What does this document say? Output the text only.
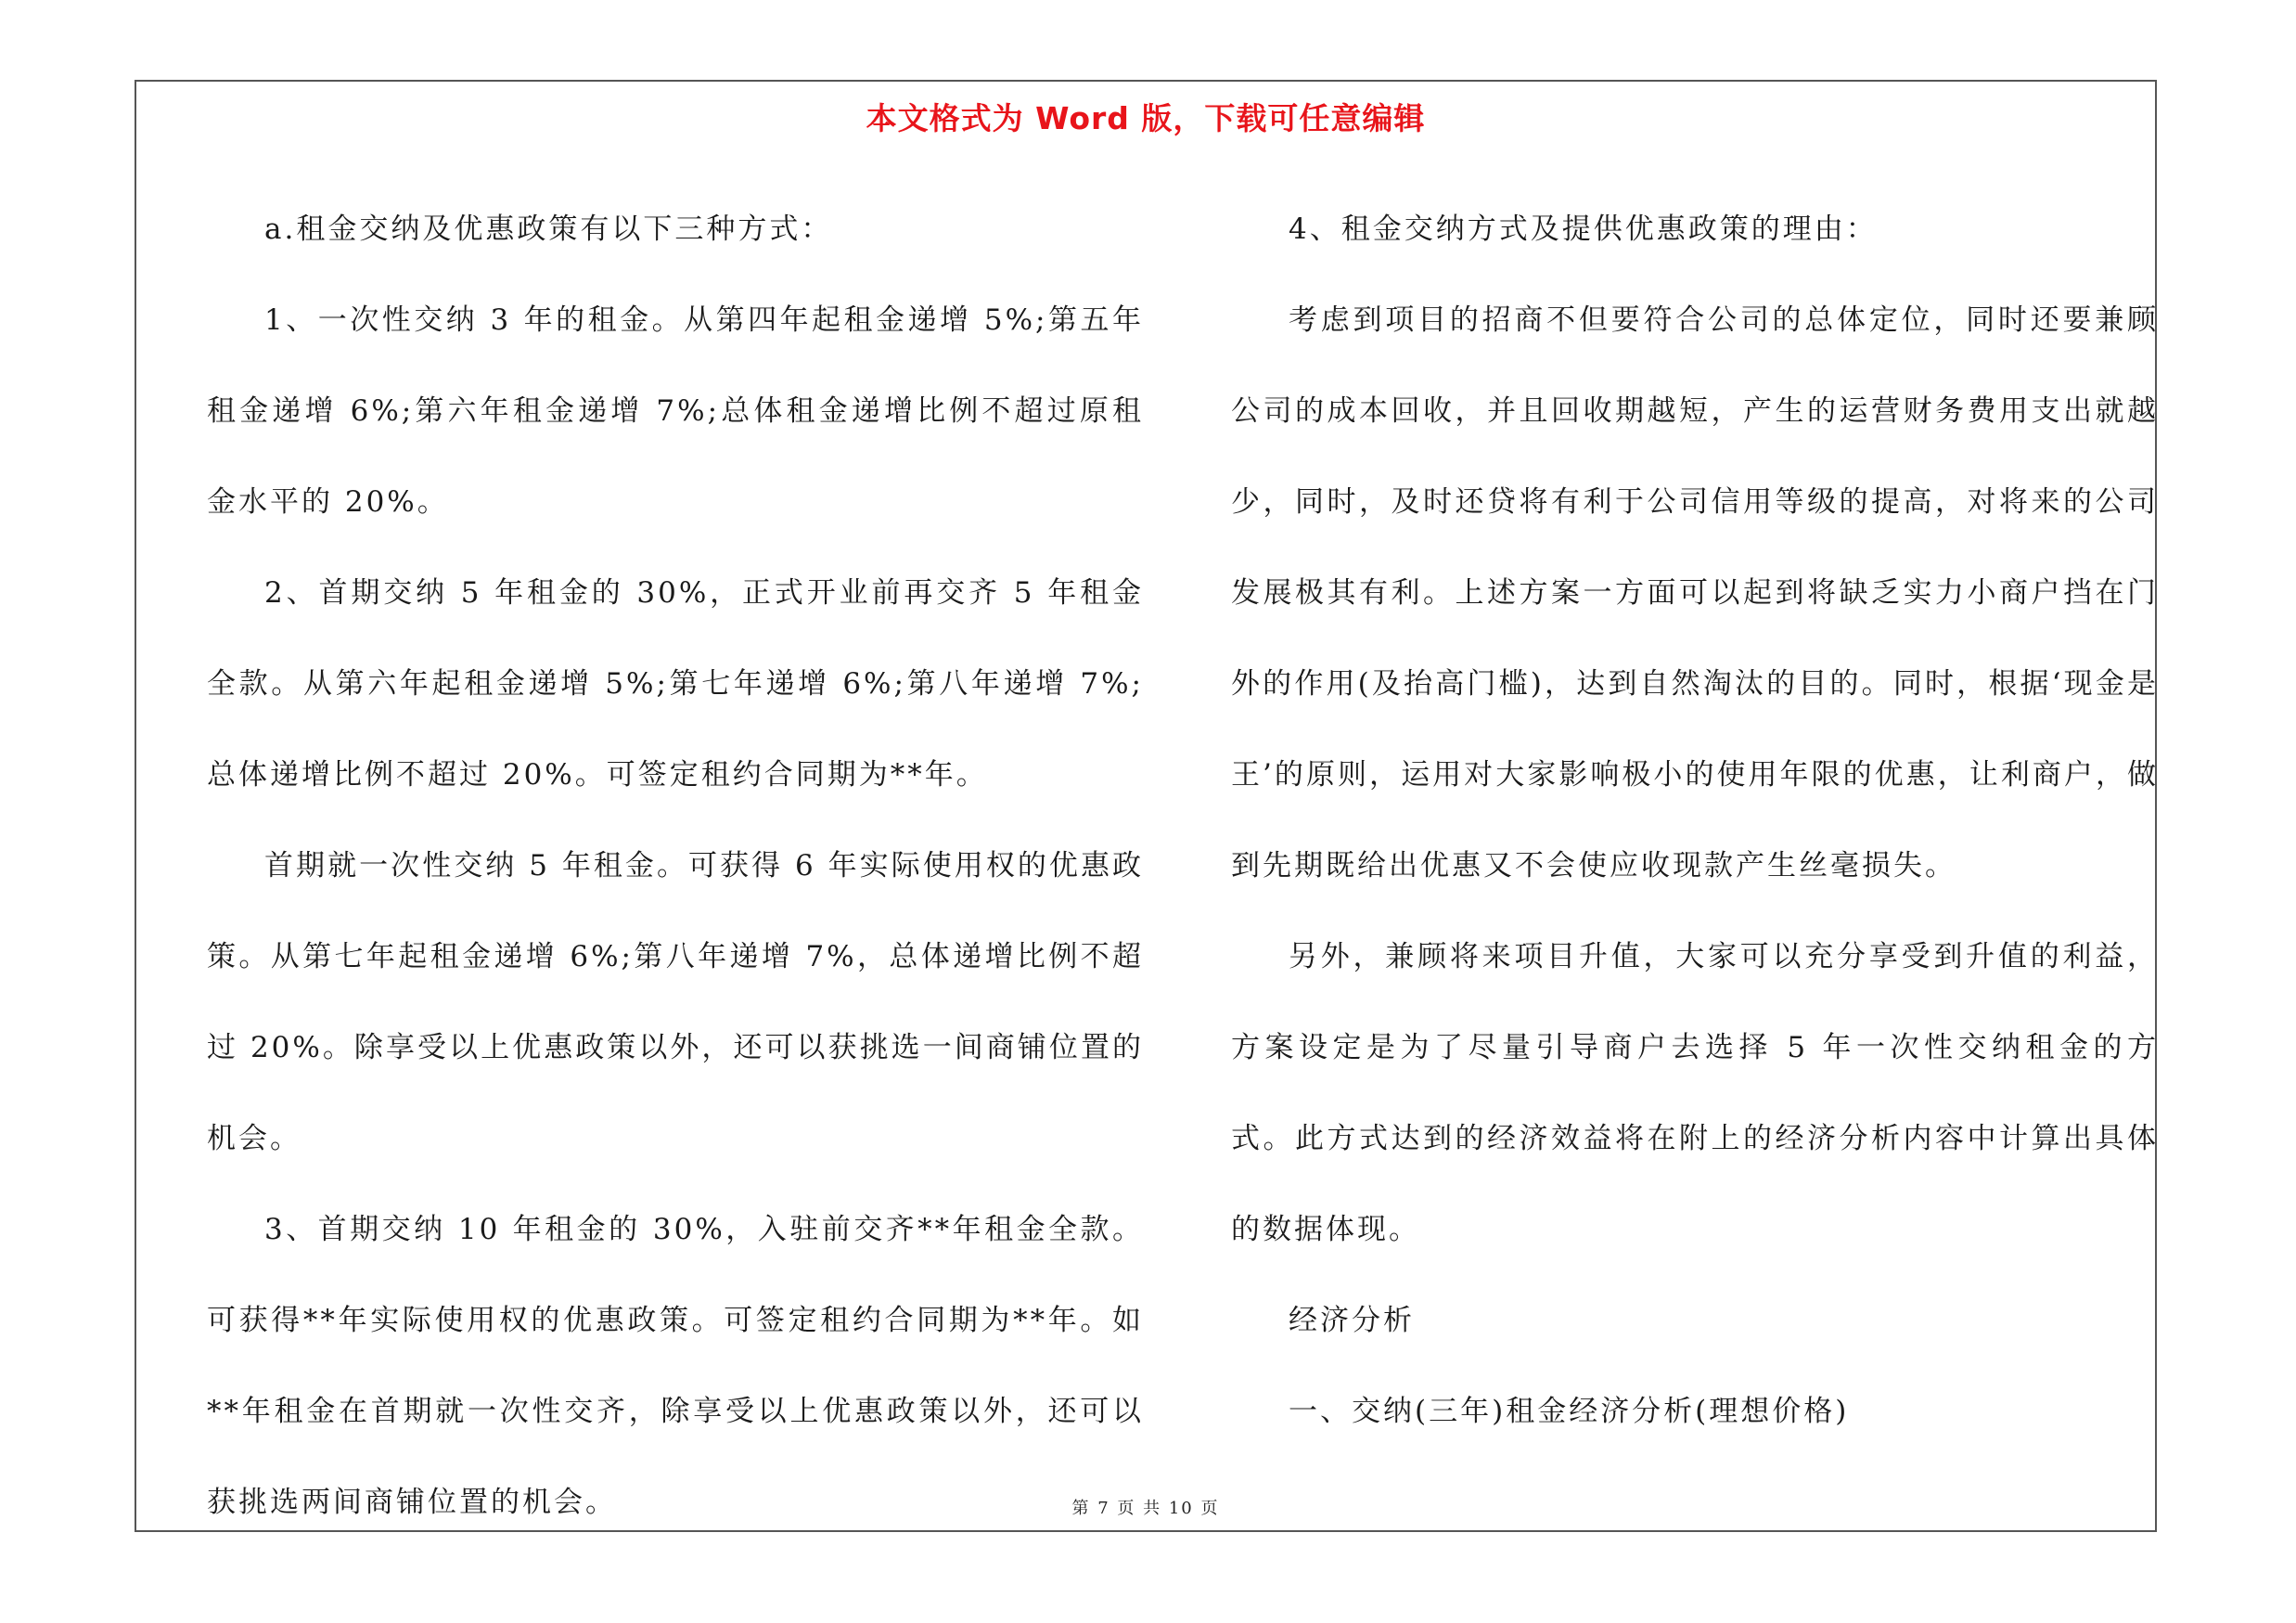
本文格式为 Word 版，下载可任意编辑

a.租金交纳及优惠政策有以下三种方式：

1、一次性交纳 3 年的租金。从第四年起租金递增 5%;第五年租金递增 6%;第六年租金递增 7%;总体租金递增比例不超过原租金水平的 20%。

2、首期交纳 5 年租金的 30%，正式开业前再交齐 5 年租金全款。从第六年起租金递增 5%;第七年递增 6%;第八年递增 7%;总体递增比例不超过 20%。可签定租约合同期为**年。

首期就一次性交纳 5 年租金。可获得 6 年实际使用权的优惠政策。从第七年起租金递增 6%;第八年递增 7%，总体递增比例不超过 20%。除享受以上优惠政策以外，还可以获挑选一间商铺位置的机会。

3、首期交纳 10 年租金的 30%，入驻前交齐**年租金全款。可获得**年实际使用权的优惠政策。可签定租约合同期为**年。如**年租金在首期就一次性交齐，除享受以上优惠政策以外，还可以获挑选两间商铺位置的机会。

4、租金交纳方式及提供优惠政策的理由：

考虑到项目的招商不但要符合公司的总体定位，同时还要兼顾公司的成本回收，并且回收期越短，产生的运营财务费用支出就越少，同时，及时还贷将有利于公司信用等级的提高，对将来的公司发展极其有利。上述方案一方面可以起到将缺乏实力小商户挡在门外的作用(及抬高门槛)，达到自然淘汰的目的。同时，根据‘现金是王’的原则，运用对大家影响极小的使用年限的优惠，让利商户，做到先期既给出优惠又不会使应收现款产生丝毫损失。

另外，兼顾将来项目升值，大家可以充分享受到升值的利益，方案设定是为了尽量引导商户去选择 5 年一次性交纳租金的方式。此方式达到的经济效益将在附上的经济分析内容中计算出具体的数据体现。

经济分析

一、交纳(三年)租金经济分析(理想价格)

第 7 页 共 10 页
